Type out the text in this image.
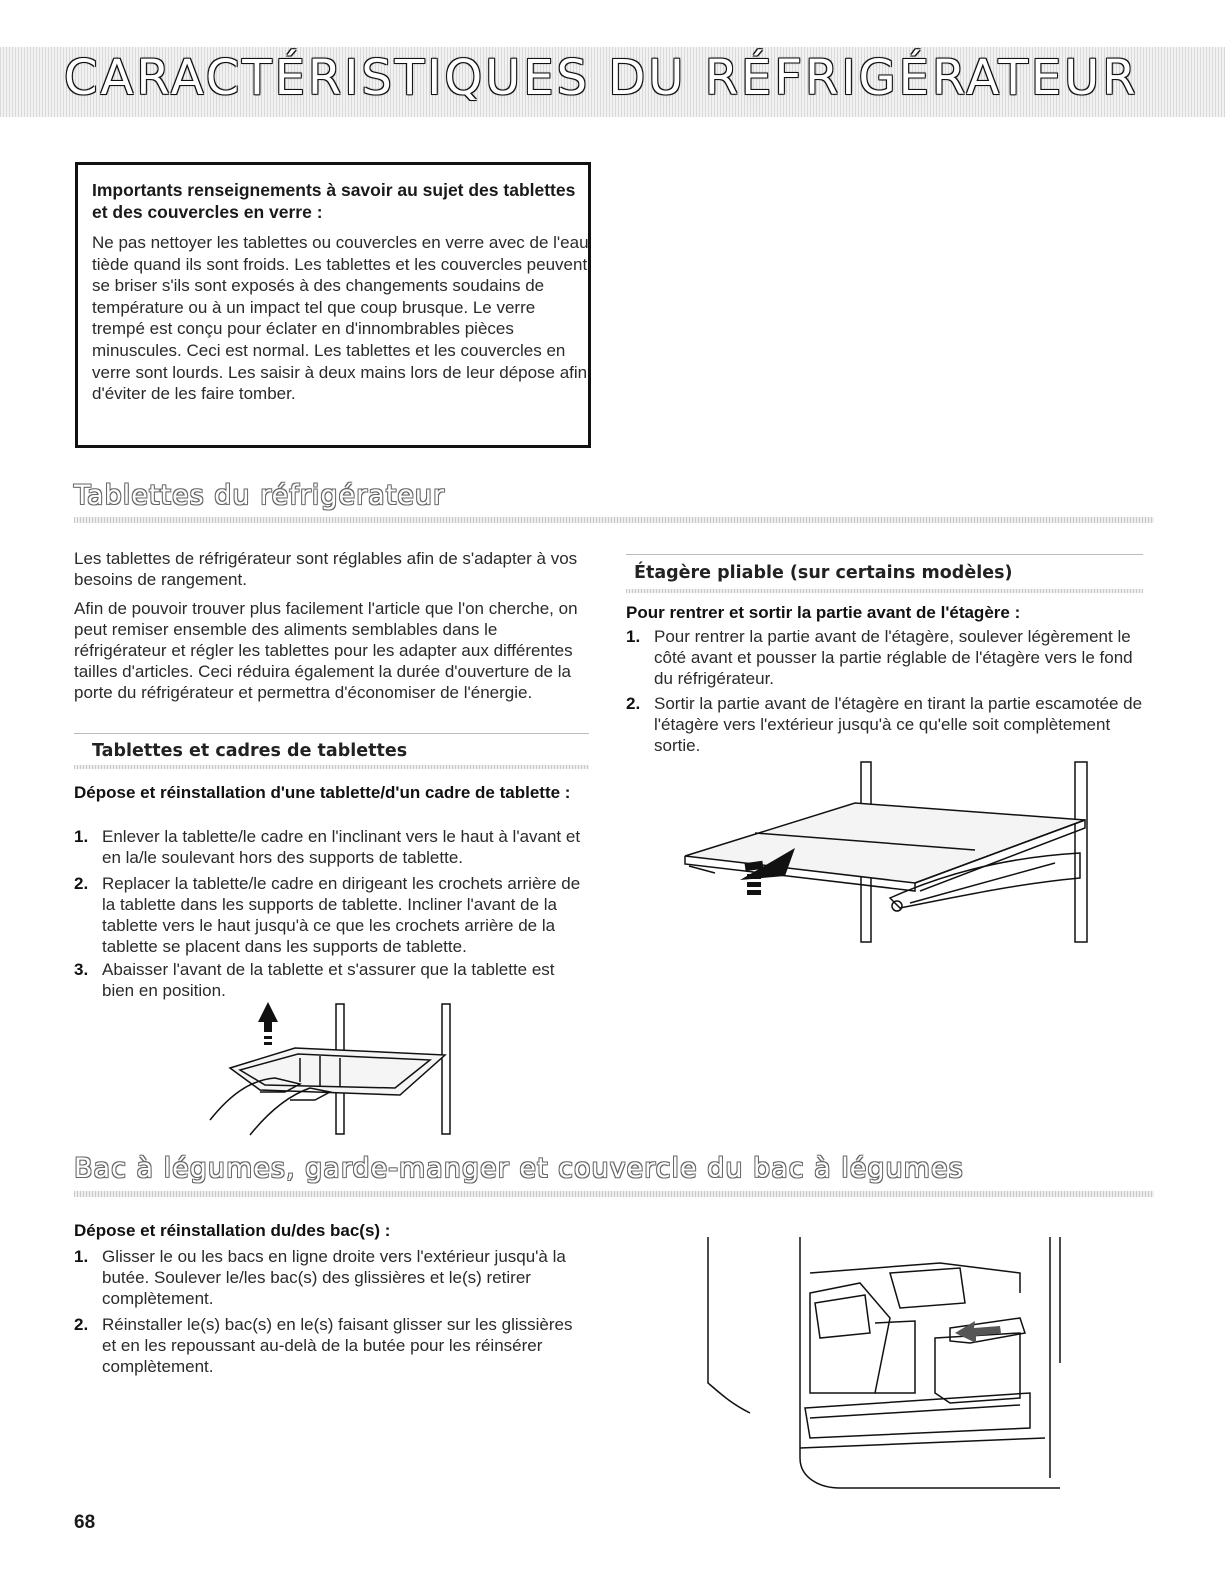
CARACTÉRISTIQUES DU RÉFRIGÉRATEUR
Importants renseignements à savoir au sujet des tablettes et des couvercles en verre :
Ne pas nettoyer les tablettes ou couvercles en verre avec de l'eau tiède quand ils sont froids. Les tablettes et les couvercles peuvent se briser s'ils sont exposés à des changements soudains de température ou à un impact tel que coup brusque. Le verre trempé est conçu pour éclater en d'innombrables pièces minuscules. Ceci est normal. Les tablettes et les couvercles en verre sont lourds. Les saisir à deux mains lors de leur dépose afin d'éviter de les faire tomber.
Tablettes du réfrigérateur

Les tablettes de réfrigérateur sont réglables afin de s'adapter à vos besoins de rangement.

Afin de pouvoir trouver plus facilement l'article que l'on cherche, on peut remiser ensemble des aliments semblables dans le réfrigérateur et régler les tablettes pour les adapter aux différentes tailles d'articles. Ceci réduira également la durée d'ouverture de la porte du réfrigérateur et permettra d'économiser de l'énergie.

Tablettes et cadres de tablettes
Dépose et réinstallation d'une tablette/d'un cadre de tablette :
1. Enlever la tablette/le cadre en l'inclinant vers le haut à l'avant et en la/le soulevant hors des supports de tablette.
2. Replacer la tablette/le cadre en dirigeant les crochets arrière de la tablette dans les supports de tablette. Incliner l'avant de la tablette vers le haut jusqu'à ce que les crochets arrière de la tablette se placent dans les supports de tablette.
3. Abaisser l'avant de la tablette et s'assurer que la tablette est bien en position.
Étagère pliable (sur certains modèles)
Pour rentrer et sortir la partie avant de l'étagère :
1. Pour rentrer la partie avant de l'étagère, soulever légèrement le côté avant et pousser la partie réglable de l'étagère vers le fond du réfrigérateur.
2. Sortir la partie avant de l'étagère en tirant la partie escamotée de l'étagère vers l'extérieur jusqu'à ce qu'elle soit complètement sortie.
Bac à légumes, garde-manger et couvercle du bac à légumes
Dépose et réinstallation du/des bac(s) :
1. Glisser le ou les bacs en ligne droite vers l'extérieur jusqu'à la butée. Soulever le/les bac(s) des glissières et le(s) retirer complètement.
2. Réinstaller le(s) bac(s) en le(s) faisant glisser sur les glissières et en les repoussant au-delà de la butée pour les réinsérer complètement.
68
